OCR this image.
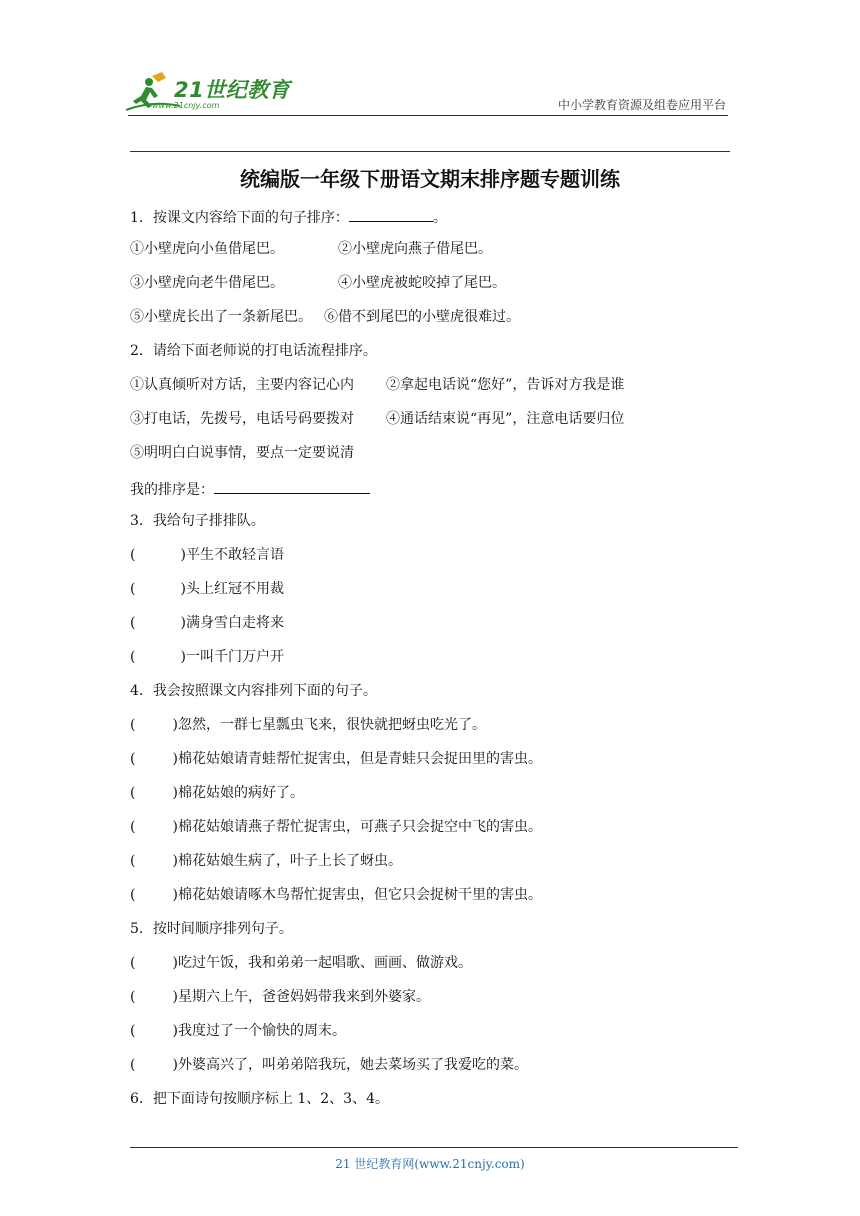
21世纪教育
www.21cnjy.com	中小学教育资源及组卷应用平台
统编版一年级下册语文期末排序题专题训练
1．按课文内容给下面的句子排序：	。
①小壁虎向小鱼借尾巴。	②小壁虎向燕子借尾巴。
③小壁虎向老牛借尾巴。	④小壁虎被蛇咬掉了尾巴。
⑤小壁虎长出了一条新尾巴。 ⑥借不到尾巴的小壁虎很难过。
2．请给下面老师说的打电话流程排序。
①认真倾听对方话，主要内容记心内 ②拿起电话说“您好”，告诉对方我是谁
③打电话，先拨号，电话号码要拨对 ④通话结束说“再见”，注意电话要归位
⑤明明白白说事情，要点一定要说清
我的排序是：
3．我给句子排排队。
(	) 平生不敢轻言语
(	) 头上红冠不用裁
(	) 满身雪白走将来
(	) 一叫千门万户开
4．我会按照课文内容排列下面的句子。
(	) 忽然，一群七星瓢虫飞来，很快就把蚜虫吃光了。
(	) 棉花姑娘请青蛙帮忙捉害虫，但是青蛙只会捉田里的害虫。
(	) 棉花姑娘的病好了。
(	) 棉花姑娘请燕子帮忙捉害虫，可燕子只会捉空中飞的害虫。
(	) 棉花姑娘生病了，叶子上长了蚜虫。
(	) 棉花姑娘请啄木鸟帮忙捉害虫，但它只会捉树干里的害虫。
5．按时间顺序排列句子。
(	) 吃过午饭，我和弟弟一起唱歌、画画、做游戏。
(	) 星期六上午，爸爸妈妈带我来到外婆家。
(	) 我度过了一个愉快的周末。
(	) 外婆高兴了，叫弟弟陪我玩，她去菜场买了我爱吃的菜。
6．把下面诗句按顺序标上 1、2、3、4。
21 世纪教育网(www.21cnjy.com)
